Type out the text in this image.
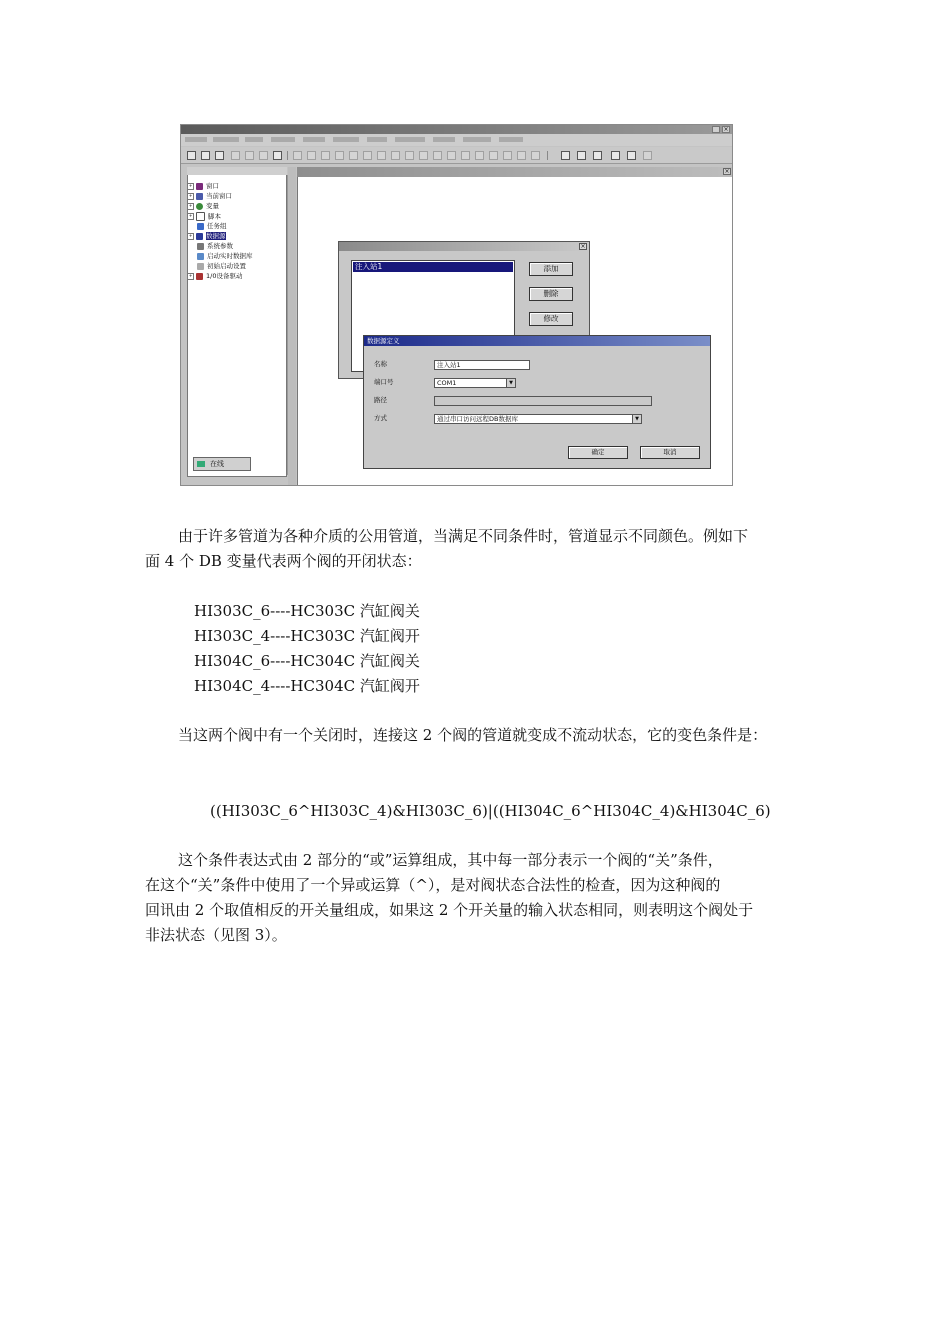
×
+ 窗口
+ 当前窗口
+ 变量
+ 脚本
任务组
+ 数据源
系统参数
启动实时数据库
初始启动设置
+ 1/0设备驱动
在线
×
×
注入站1	添加
删除
修改
数据源定义
名称	注入站1
端口号	COM1	▼
路径
方式	通过串口访问远程DB数据库	▼
确定	取消

由于许多管道为各种介质的公用管道，当满足不同条件时，管道显示不同颜色。例如下

面 4 个 DB 变量代表两个阀的开闭状态：

HI303C_6----HC303C 汽缸阀关

HI303C_4----HC303C 汽缸阀开

HI304C_6----HC304C 汽缸阀关

HI304C_4----HC304C 汽缸阀开

当这两个阀中有一个关闭时，连接这 2 个阀的管道就变成不流动状态，它的变色条件是：

((HI303C_6^HI303C_4)&HI303C_6)|((HI304C_6^HI304C_4)&HI304C_6)

这个条件表达式由 2 部分的“或”运算组成，其中每一部分表示一个阀的“关”条件，

在这个“关”条件中使用了一个异或运算（^），是对阀状态合法性的检查，因为这种阀的

回讯由 2 个取值相反的开关量组成，如果这 2 个开关量的输入状态相同，则表明这个阀处于

非法状态（见图 3）。
